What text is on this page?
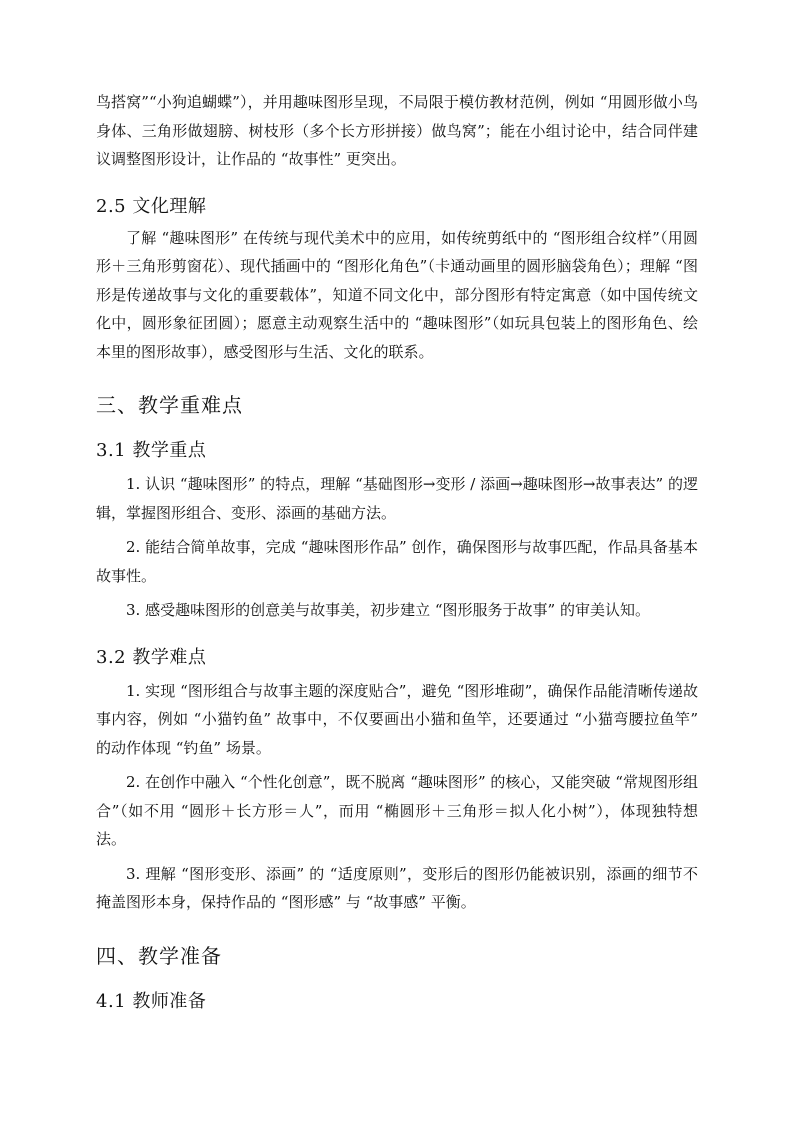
鸟搭窝”“小狗追蝴蝶”），并用趣味图形呈现，不局限于模仿教材范例，例如 “用圆形做小鸟身体、三角形做翅膀、树枝形（多个长方形拼接）做鸟窝”；能在小组讨论中，结合同伴建议调整图形设计，让作品的 “故事性” 更突出。

2.5 文化理解

了解 “趣味图形” 在传统与现代美术中的应用，如传统剪纸中的 “图形组合纹样”（用圆形＋三角形剪窗花）、现代插画中的 “图形化角色”（卡通动画里的圆形脑袋角色）；理解 “图形是传递故事与文化的重要载体”，知道不同文化中，部分图形有特定寓意（如中国传统文化中，圆形象征团圆）；愿意主动观察生活中的 “趣味图形”（如玩具包装上的图形角色、绘本里的图形故事），感受图形与生活、文化的联系。

三、教学重难点
3.1 教学重点

1. 认识 “趣味图形” 的特点，理解 “基础图形→变形 / 添画→趣味图形→故事表达” 的逻辑，掌握图形组合、变形、添画的基础方法。

2. 能结合简单故事，完成 “趣味图形作品” 创作，确保图形与故事匹配，作品具备基本故事性。

3. 感受趣味图形的创意美与故事美，初步建立 “图形服务于故事” 的审美认知。

3.2 教学难点

1. 实现 “图形组合与故事主题的深度贴合”，避免 “图形堆砌”，确保作品能清晰传递故事内容，例如 “小猫钓鱼” 故事中，不仅要画出小猫和鱼竿，还要通过 “小猫弯腰拉鱼竿” 的动作体现 “钓鱼” 场景。

2. 在创作中融入 “个性化创意”，既不脱离 “趣味图形” 的核心，又能突破 “常规图形组合”（如不用 “圆形＋长方形＝人”，而用 “椭圆形＋三角形＝拟人化小树”），体现独特想法。

3. 理解 “图形变形、添画” 的 “适度原则”，变形后的图形仍能被识别，添画的细节不掩盖图形本身，保持作品的 “图形感” 与 “故事感” 平衡。

四、教学准备
4.1 教师准备
